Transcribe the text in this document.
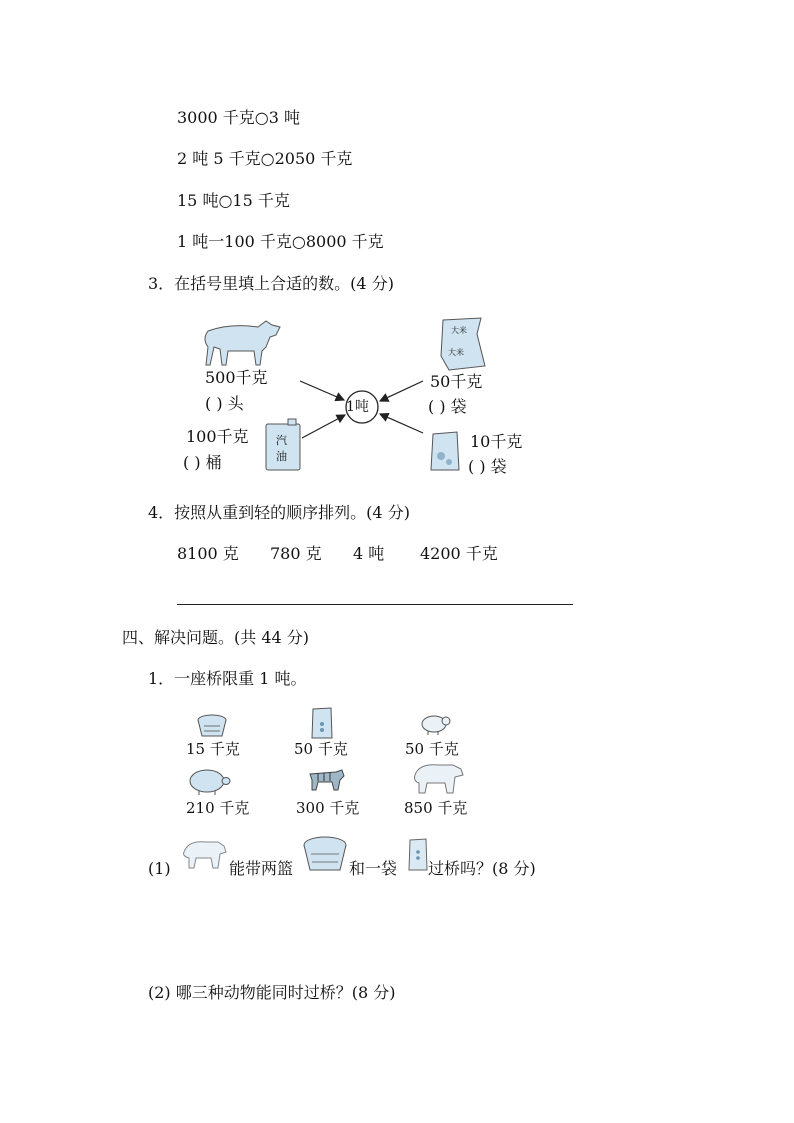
3000 千克○3 吨
2 吨 5 千克○2050 千克
15 吨○15 千克
1 吨一100 千克○8000 千克
3．在括号里填上合适的数。(4 分)
1吨
500千克
( ) 头
大米
大米
50千克
( ) 袋
汽
油
100千克
( ) 桶
10千克
( ) 袋
4．按照从重到轻的顺序排列。(4 分)
8100 克 780 克 4 吨 4200 千克
四、解决问题。(共 44 分)
1．一座桥限重 1 吨。
15 千克	50 千克	50 千克
210 千克	300 千克	850 千克
(1)	能带两篮	和一袋 过桥吗？(8 分)
(2) 哪三种动物能同时过桥？(8 分)
